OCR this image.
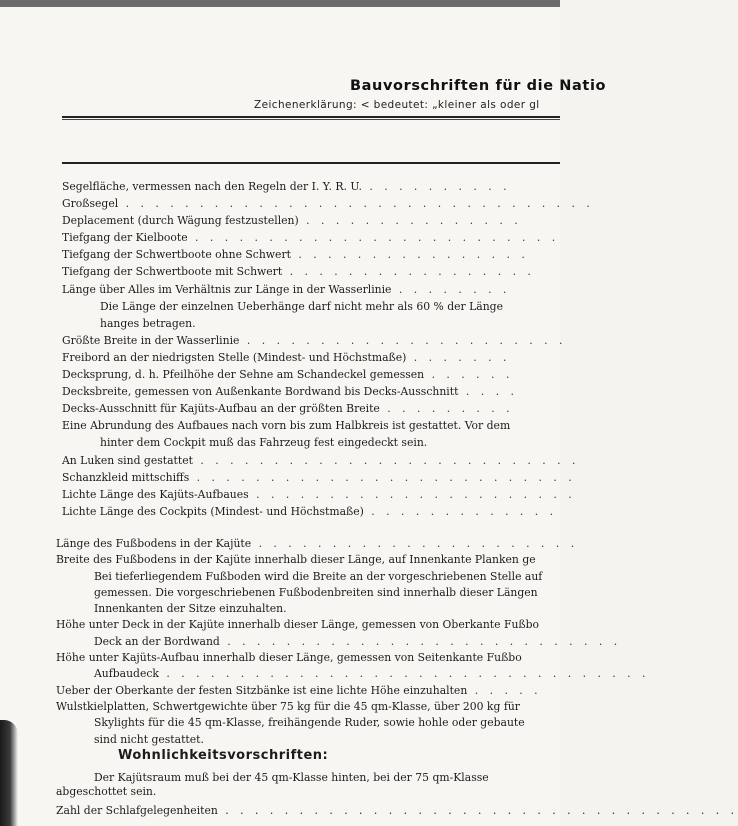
Bauvorschriften für die Natio
Zeichenerklärung: < bedeutet: „kleiner als oder gl
Segelfläche, vermessen nach den Regeln der I. Y. R. U. . . . . . . . . . .
Großsegel . . . . . . . . . . . . . . . . . . . . . . . . . . . . . . . .
Deplacement (durch Wägung festzustellen) . . . . . . . . . . . . . . .
Tiefgang der Kielboote . . . . . . . . . . . . . . . . . . . . . . . . .
Tiefgang der Schwertboote ohne Schwert . . . . . . . . . . . . . . . .
Tiefgang der Schwertboote mit Schwert . . . . . . . . . . . . . . . . .
Länge über Alles im Verhältnis zur Länge in der Wasserlinie . . . . . . . .
Die Länge der einzelnen Ueberhänge darf nicht mehr als 60 % der Länge
hanges betragen.
Größte Breite in der Wasserlinie . . . . . . . . . . . . . . . . . . . . . .
Freibord an der niedrigsten Stelle (Mindest- und Höchstmaße) . . . . . . .
Decksprung, d. h. Pfeilhöhe der Sehne am Schandeckel gemessen . . . . . .
Decksbreite, gemessen von Außenkante Bordwand bis Decks-Ausschnitt . . . .
Decks-Ausschnitt für Kajüts-Aufbau an der größten Breite . . . . . . . . .
Eine Abrundung des Aufbaues nach vorn bis zum Halbkreis ist gestattet. Vor dem
hinter dem Cockpit muß das Fahrzeug fest eingedeckt sein.
An Luken sind gestattet . . . . . . . . . . . . . . . . . . . . . . . . . .
Schanzkleid mittschiffs . . . . . . . . . . . . . . . . . . . . . . . . . .
Lichte Länge des Kajüts-Aufbaues . . . . . . . . . . . . . . . . . . . . . .
Lichte Länge des Cockpits (Mindest- und Höchstmaße) . . . . . . . . . . . . .
Länge des Fußbodens in der Kajüte . . . . . . . . . . . . . . . . . . . . . .
Breite des Fußbodens in der Kajüte innerhalb dieser Länge, auf Innenkante Planken ge
Bei tieferliegendem Fußboden wird die Breite an der vorgeschriebenen Stelle auf
gemessen. Die vorgeschriebenen Fußbodenbreiten sind innerhalb dieser Längen
Innenkanten der Sitze einzuhalten.
Höhe unter Deck in der Kajüte innerhalb dieser Länge, gemessen von Oberkante Fußbo
Deck an der Bordwand . . . . . . . . . . . . . . . . . . . . . . . . . . .
Höhe unter Kajüts-Aufbau innerhalb dieser Länge, gemessen von Seitenkante Fußbo
Aufbaudeck . . . . . . . . . . . . . . . . . . . . . . . . . . . . . . . . .
Ueber der Oberkante der festen Sitzbänke ist eine lichte Höhe einzuhalten . . . . .
Wulstkielplatten, Schwertgewichte über 75 kg für die 45 qm-Klasse, über 200 kg für
Skylights für die 45 qm-Klasse, freihängende Ruder, sowie hohle oder gebaute
sind nicht gestattet.
Wohnlichkeitsvorschriften:
Der Kajütsraum muß bei der 45 qm-Klasse hinten, bei der 75 qm-Klasse
abgeschottet sein.
Zahl der Schlafgelegenheiten . . . . . . . . . . . . . . . . . . . . . . . . . . . . . . . . . . .
